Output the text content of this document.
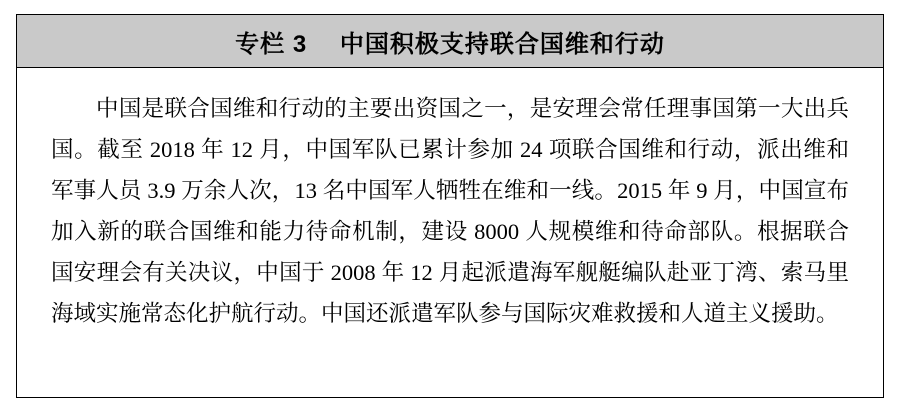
专栏 3　 中国积极支持联合国维和行动

中国是联合国维和行动的主要出资国之一，是安理会常任理事国第一大出兵国。截至 2018 年 12 月，中国军队已累计参加 24 项联合国维和行动，派出维和军事人员 3.9 万余人次，13 名中国军人牺牲在维和一线。2015 年 9 月，中国宣布加入新的联合国维和能力待命机制，建设 8000 人规模维和待命部队。根据联合国安理会有关决议，中国于 2008 年 12 月起派遣海军舰艇编队赴亚丁湾、索马里海域实施常态化护航行动。中国还派遣军队参与国际灾难救援和人道主义援助。
